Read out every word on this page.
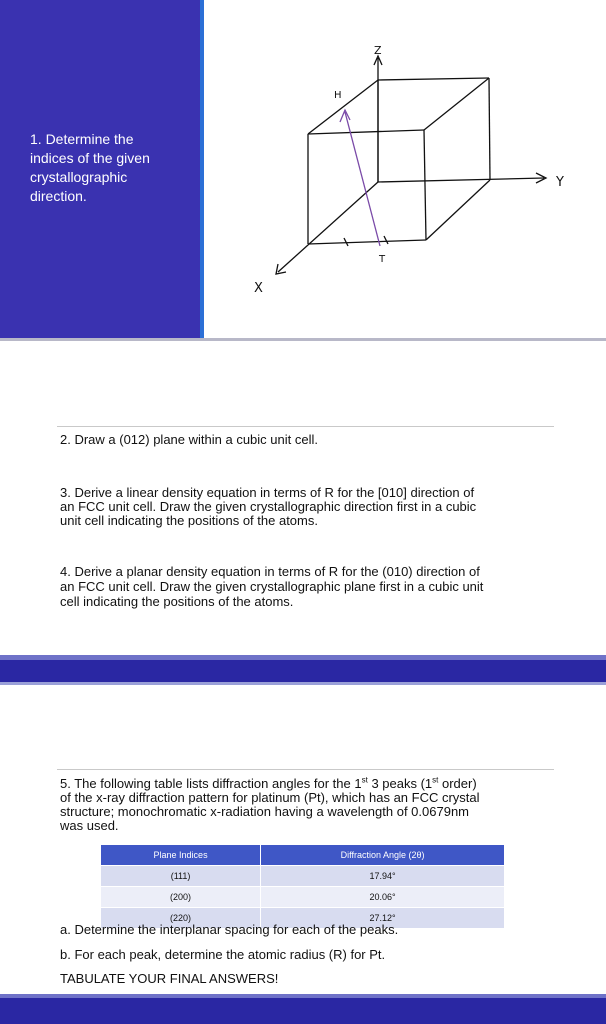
1. Determine the

indices of the given

crystallographic

direction.

Z
Y
X
H
T

2. Draw a (012) plane within a cubic unit cell.

3. Derive a linear density equation in terms of R for the [010] direction of

an FCC unit cell. Draw the given crystallographic direction first in a cubic

unit cell indicating the positions of the atoms.

4. Derive a planar density equation in terms of R for the (010) direction of

an FCC unit cell. Draw the given crystallographic plane first in a cubic unit

cell indicating the positions of the atoms.

5. The following table lists diffraction angles for the 1st 3 peaks (1st order)

of the x-ray diffraction pattern for platinum (Pt), which has an FCC crystal

structure; monochromatic x-radiation having a wavelength of 0.0679nm

was used.

Plane Indices	Diffraction Angle (2θ)
(111)	17.94°
(200)	20.06°
(220)	27.12°

a. Determine the interplanar spacing for each of the peaks.

b. For each peak, determine the atomic radius (R) for Pt.

TABULATE YOUR FINAL ANSWERS!
